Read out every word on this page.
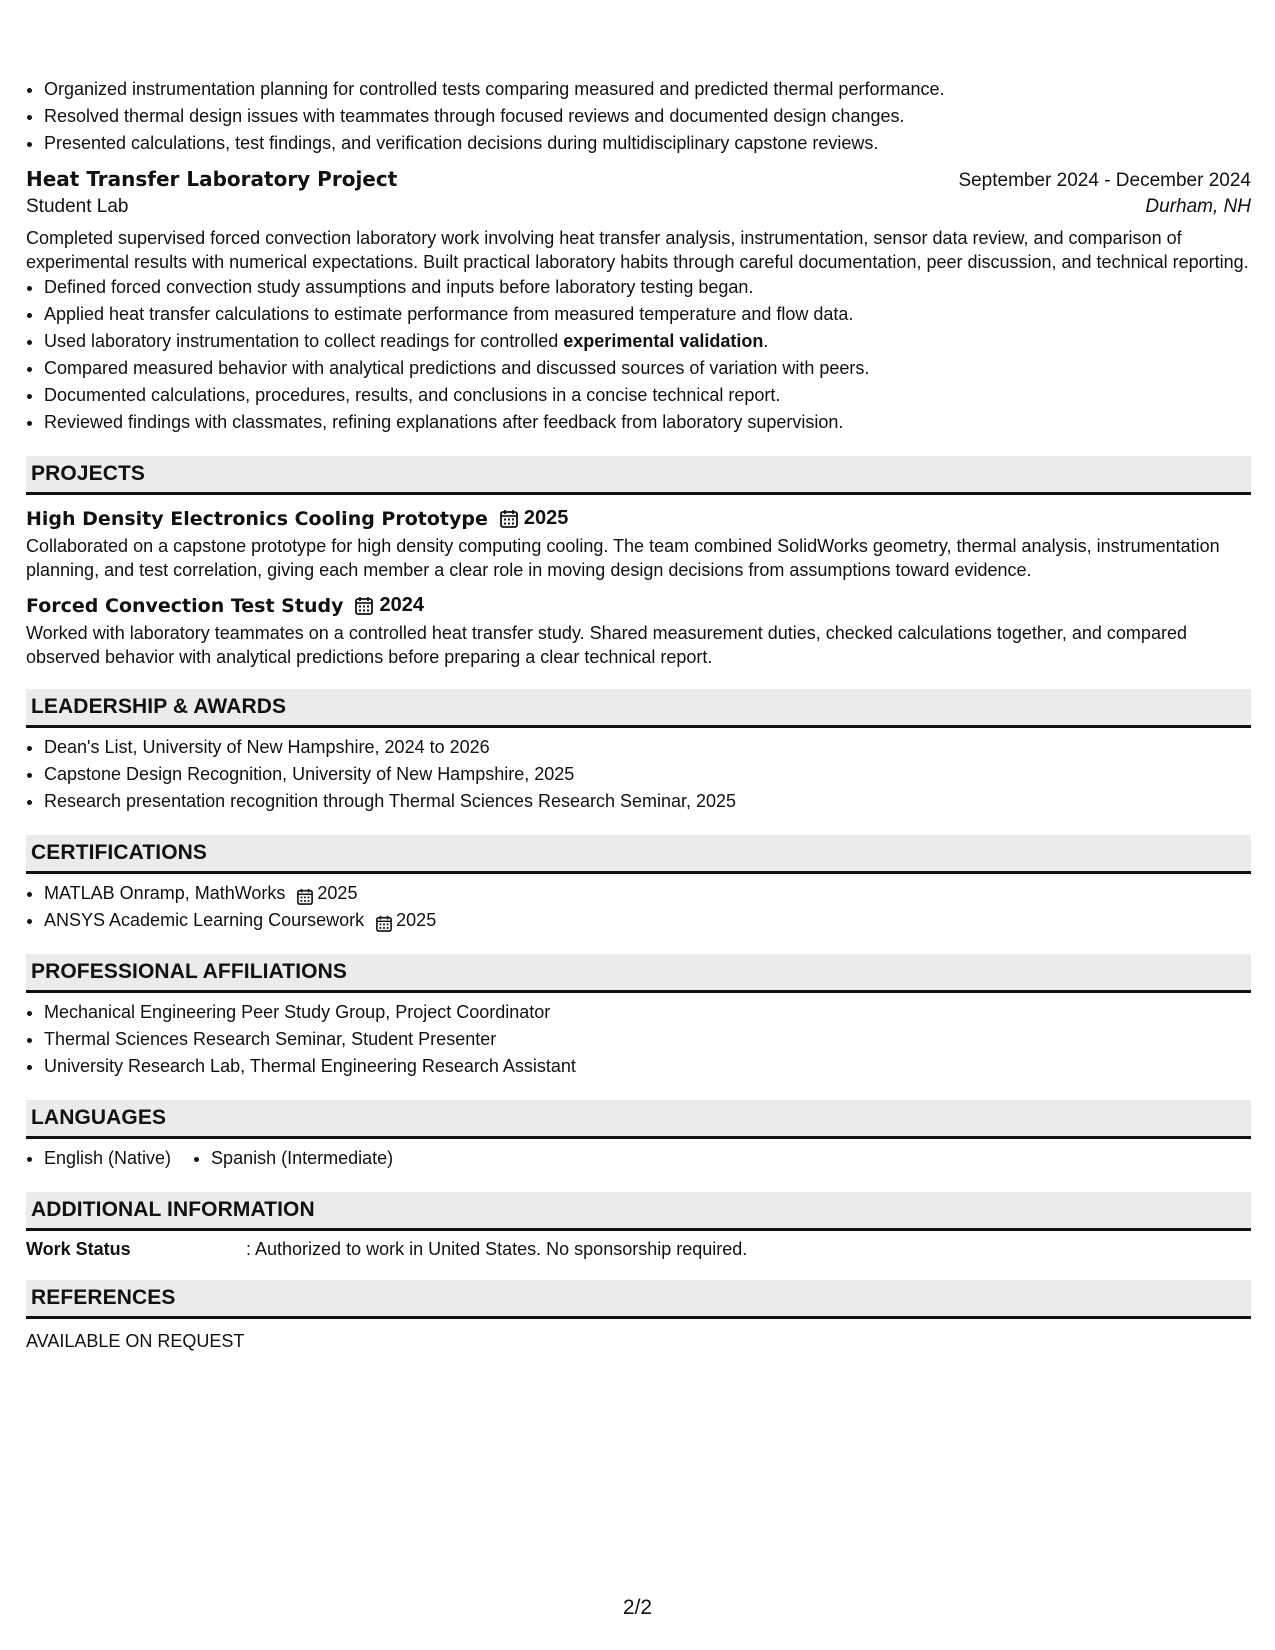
• Organized instrumentation planning for controlled tests comparing measured and predicted thermal performance.
• Resolved thermal design issues with teammates through focused reviews and documented design changes.
• Presented calculations, test findings, and verification decisions during multidisciplinary capstone reviews.
Heat Transfer Laboratory Project	September 2024 - December 2024
Student Lab	Durham, NH
Completed supervised forced convection laboratory work involving heat transfer analysis, instrumentation, sensor data review, and comparison of experimental results with numerical expectations. Built practical laboratory habits through careful documentation, peer discussion, and technical reporting.
• Defined forced convection study assumptions and inputs before laboratory testing began.
• Applied heat transfer calculations to estimate performance from measured temperature and flow data.
• Used laboratory instrumentation to collect readings for controlled experimental validation.
• Compared measured behavior with analytical predictions and discussed sources of variation with peers.
• Documented calculations, procedures, results, and conclusions in a concise technical report.
• Reviewed findings with classmates, refining explanations after feedback from laboratory supervision.
PROJECTS
High Density Electronics Cooling Prototype 2025
Collaborated on a capstone prototype for high density computing cooling. The team combined SolidWorks geometry, thermal analysis, instrumentation planning, and test correlation, giving each member a clear role in moving design decisions from assumptions toward evidence.
Forced Convection Test Study 2024
Worked with laboratory teammates on a controlled heat transfer study. Shared measurement duties, checked calculations together, and compared observed behavior with analytical predictions before preparing a clear technical report.
LEADERSHIP & AWARDS
• Dean's List, University of New Hampshire, 2024 to 2026
• Capstone Design Recognition, University of New Hampshire, 2025
• Research presentation recognition through Thermal Sciences Research Seminar, 2025
CERTIFICATIONS
• MATLAB Onramp, MathWorks 2025
• ANSYS Academic Learning Coursework 2025
PROFESSIONAL AFFILIATIONS
• Mechanical Engineering Peer Study Group, Project Coordinator
• Thermal Sciences Research Seminar, Student Presenter
• University Research Lab, Thermal Engineering Research Assistant
LANGUAGES
• English (Native)
• Spanish (Intermediate)
ADDITIONAL INFORMATION
Work Status	: Authorized to work in United States. No sponsorship required.
REFERENCES
AVAILABLE ON REQUEST
2/2
